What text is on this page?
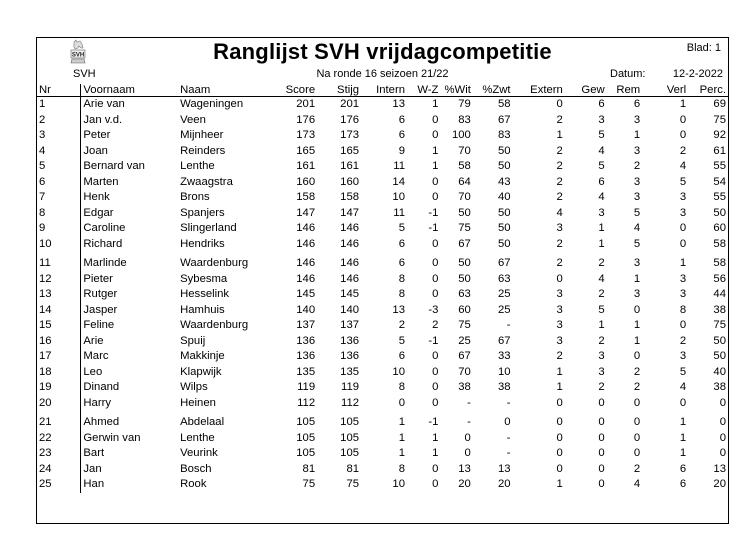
SVH
SVH
Ranglijst SVH vrijdagcompetitie	Blad: 1
Na ronde 16 seizoen 21/22	Datum: 12-2-2022
Nr	Voornaam	Naam	Score	Stijg	Intern	W-Z	%Wit	%Zwt	Extern	Gew	Rem	Verl	Perc.
1	Arie van	Wageningen	201	201	13	1	79	58	0	6	6	1	69
2	Jan v.d.	Veen	176	176	6	0	83	67	2	3	3	0	75
3	Peter	Mijnheer	173	173	6	0	100	83	1	5	1	0	92
4	Joan	Reinders	165	165	9	1	70	50	2	4	3	2	61
5	Bernard van	Lenthe	161	161	11	1	58	50	2	5	2	4	55
6	Marten	Zwaagstra	160	160	14	0	64	43	2	6	3	5	54
7	Henk	Brons	158	158	10	0	70	40	2	4	3	3	55
8	Edgar	Spanjers	147	147	11	-1	50	50	4	3	5	3	50
9	Caroline	Slingerland	146	146	5	-1	75	50	3	1	4	0	60
10	Richard	Hendriks	146	146	6	0	67	50	2	1	5	0	58
11	Marlinde	Waardenburg	146	146	6	0	50	67	2	2	3	1	58
12	Pieter	Sybesma	146	146	8	0	50	63	0	4	1	3	56
13	Rutger	Hesselink	145	145	8	0	63	25	3	2	3	3	44
14	Jasper	Hamhuis	140	140	13	-3	60	25	3	5	0	8	38
15	Feline	Waardenburg	137	137	2	2	75	-	3	1	1	0	75
16	Arie	Spuij	136	136	5	-1	25	67	3	2	1	2	50
17	Marc	Makkinje	136	136	6	0	67	33	2	3	0	3	50
18	Leo	Klapwijk	135	135	10	0	70	10	1	3	2	5	40
19	Dinand	Wilps	119	119	8	0	38	38	1	2	2	4	38
20	Harry	Heinen	112	112	0	0	-	-	0	0	0	0	0
21	Ahmed	Abdelaal	105	105	1	-1	-	0	0	0	0	1	0
22	Gerwin van	Lenthe	105	105	1	1	0	-	0	0	0	1	0
23	Bart	Veurink	105	105	1	1	0	-	0	0	0	1	0
24	Jan	Bosch	81	81	8	0	13	13	0	0	2	6	13
25	Han	Rook	75	75	10	0	20	20	1	0	4	6	20
